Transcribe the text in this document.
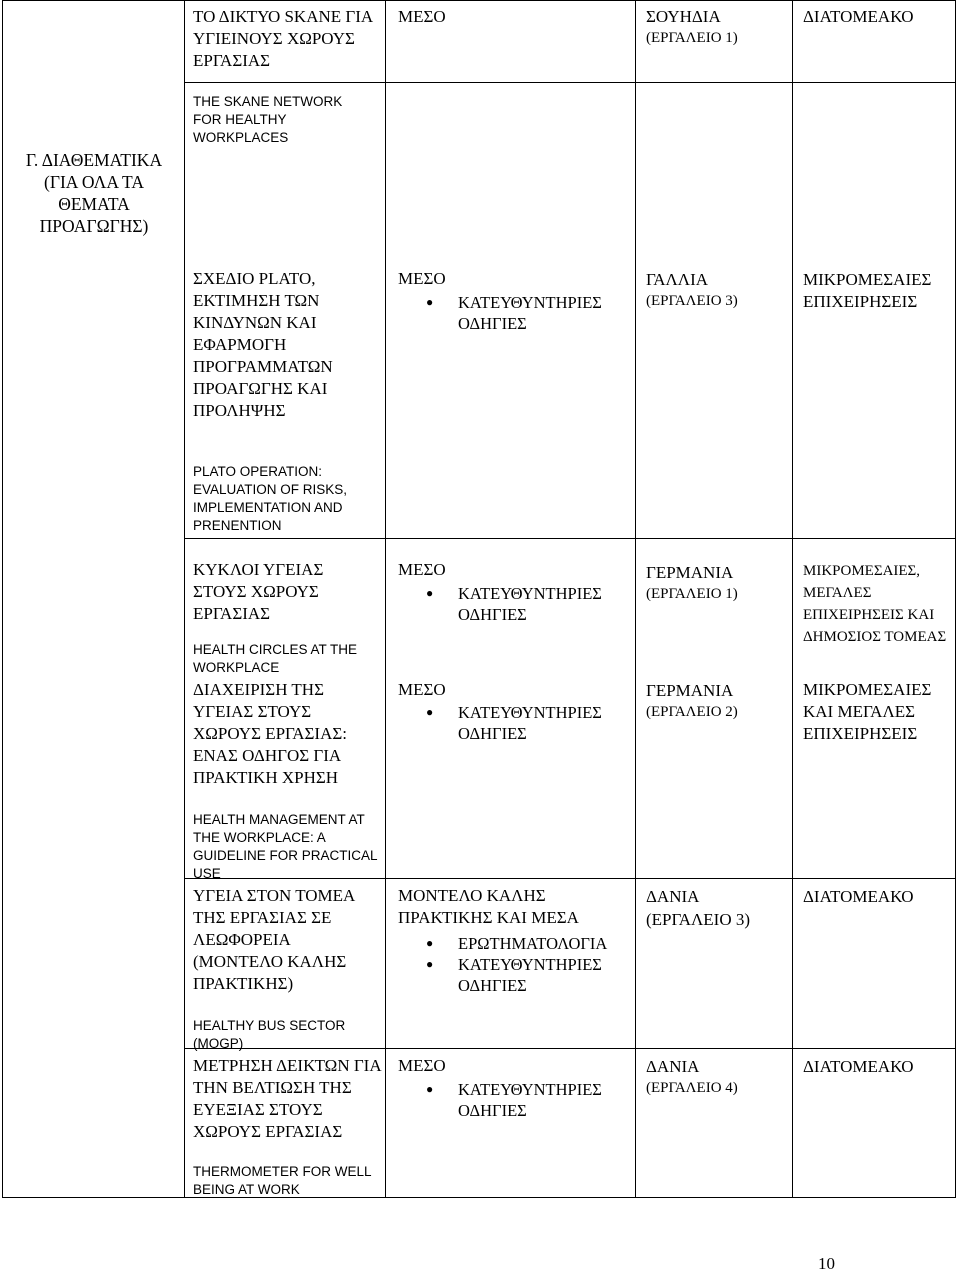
Γ. ΔΙΑΘΕΜΑΤΙΚΑ (ΓΙΑ ΟΛΑ ΤΑ ΘΕΜΑΤΑ ΠΡΟΑΓΩΓΗΣ)
ΤΟ ΔΙΚΤΥΟ SKANE ΓΙΑ ΥΓΙΕΙΝΟΥΣ ΧΩΡΟΥΣ ΕΡΓΑΣΙΑΣ
ΜΕΣΟ	ΣΟΥΗΔΙΑ
(ΕΡΓΑΛΕΙΟ 1)
ΔΙΑΤΟΜΕΑΚΟ
THE SKANE NETWORK FOR HEALTHY WORKPLACES
ΣΧΕΔΙΟ PLATO, ΕΚΤΙΜΗΣΗ ΤΩΝ ΚΙΝΔΥΝΩΝ ΚΑΙ ΕΦΑΡΜΟΓΗ ΠΡΟΓΡΑΜΜΑΤΩΝ ΠΡΟΑΓΩΓΗΣ ΚΑΙ ΠΡΟΛΗΨΗΣ
ΜΕΣΟ
● ΚΑΤΕΥΘΥΝΤΗΡΙΕΣ ΟΔΗΓΙΕΣ
ΓΑΛΛΙΑ
(ΕΡΓΑΛΕΙΟ 3)
ΜΙΚΡΟΜΕΣΑΙΕΣ ΕΠΙΧΕΙΡΗΣΕΙΣ
PLATO OPERATION: EVALUATION OF RISKS, IMPLEMENTATION AND PRENENTION
ΚΥΚΛΟΙ ΥΓΕΙΑΣ ΣΤΟΥΣ ΧΩΡΟΥΣ ΕΡΓΑΣΙΑΣ
HEALTH CIRCLES AT THE WORKPLACE
ΜΕΣΟ
● ΚΑΤΕΥΘΥΝΤΗΡΙΕΣ ΟΔΗΓΙΕΣ
ΓΕΡΜΑΝΙΑ
(ΕΡΓΑΛΕΙΟ 1)
ΜΙΚΡΟΜΕΣΑΙΕΣ, ΜΕΓΑΛΕΣ ΕΠΙΧΕΙΡΗΣΕΙΣ ΚΑΙ ΔΗΜΟΣΙΟΣ ΤΟΜΕΑΣ
ΔΙΑΧΕΙΡΙΣΗ ΤΗΣ ΥΓΕΙΑΣ ΣΤΟΥΣ ΧΩΡΟΥΣ ΕΡΓΑΣΙΑΣ: ΕΝΑΣ ΟΔΗΓΟΣ ΓΙΑ ΠΡΑΚΤΙΚΗ ΧΡΗΣΗ
ΜΕΣΟ
● ΚΑΤΕΥΘΥΝΤΗΡΙΕΣ ΟΔΗΓΙΕΣ
ΓΕΡΜΑΝΙΑ
(ΕΡΓΑΛΕΙΟ 2)
ΜΙΚΡΟΜΕΣΑΙΕΣ ΚΑΙ ΜΕΓΑΛΕΣ ΕΠΙΧΕΙΡΗΣΕΙΣ
HEALTH MANAGEMENT AT THE WORKPLACE: A GUIDELINE FOR PRACTICAL USE
ΥΓΕΙΑ ΣΤΟΝ ΤΟΜΕΑ ΤΗΣ ΕΡΓΑΣΙΑΣ ΣΕ ΛΕΩΦΟΡΕΙΑ (ΜΟΝΤΕΛΟ ΚΑΛΗΣ ΠΡΑΚΤΙΚΗΣ)
ΜΟΝΤΕΛΟ ΚΑΛΗΣ ΠΡΑΚΤΙΚΗΣ ΚΑΙ ΜΕΣΑ
● ΕΡΩΤΗΜΑΤΟΛΟΓΙΑ
● ΚΑΤΕΥΘΥΝΤΗΡΙΕΣ ΟΔΗΓΙΕΣ
ΔΑΝΙΑ
(ΕΡΓΑΛΕΙΟ 3)
ΔΙΑΤΟΜΕΑΚΟ
HEALTHY BUS SECTOR (MOGP)
ΜΕΤΡΗΣΗ ΔΕΙΚΤΩΝ ΓΙΑ ΤΗΝ ΒΕΛΤΙΩΣΗ ΤΗΣ ΕΥΕΞΙΑΣ ΣΤΟΥΣ ΧΩΡΟΥΣ ΕΡΓΑΣΙΑΣ
THERMOMETER FOR WELL BEING AT WORK
ΜΕΣΟ
● ΚΑΤΕΥΘΥΝΤΗΡΙΕΣ ΟΔΗΓΙΕΣ
ΔΑΝΙΑ
(ΕΡΓΑΛΕΙΟ 4)
ΔΙΑΤΟΜΕΑΚΟ
10
